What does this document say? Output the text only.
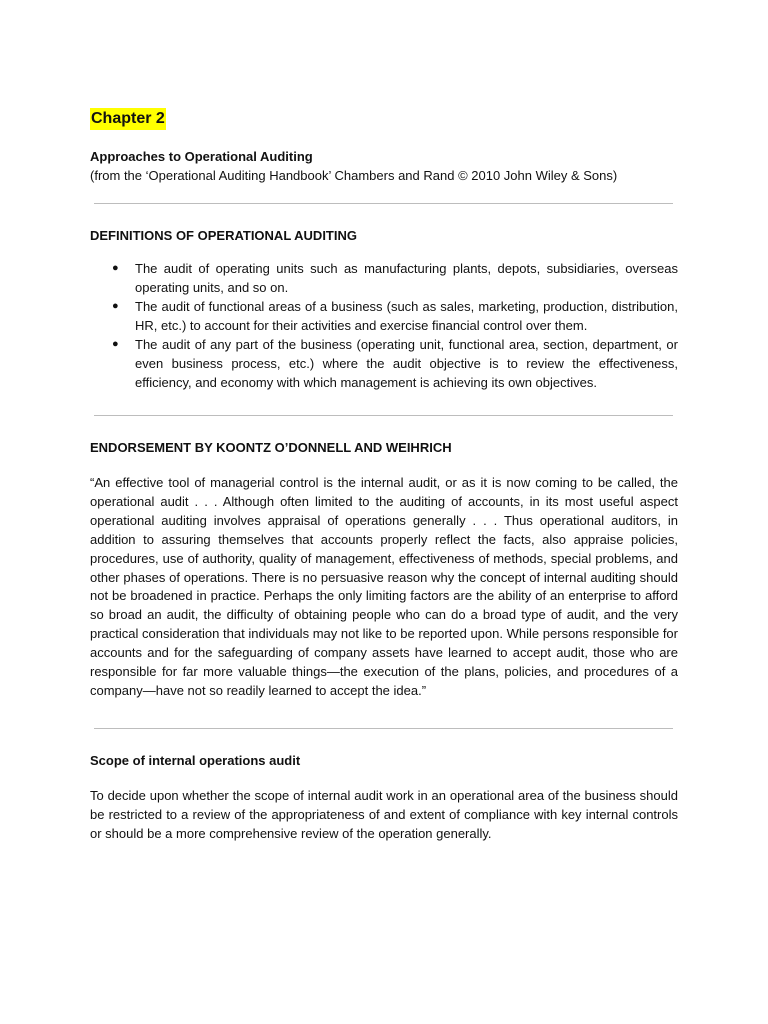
Chapter 2
Approaches to Operational Auditing
(from the ‘Operational Auditing Handbook’ Chambers and Rand © 2010 John Wiley & Sons)
DEFINITIONS OF OPERATIONAL AUDITING
● The audit of operating units such as manufacturing plants, depots, subsidiaries, overseas operating units, and so on.
● The audit of functional areas of a business (such as sales, marketing, production, distribution, HR, etc.) to account for their activities and exercise financial control over them.
● The audit of any part of the business (operating unit, functional area, section, department, or even business process, etc.) where the audit objective is to review the effectiveness, efficiency, and economy with which management is achieving its own objectives.
ENDORSEMENT BY KOONTZ O’DONNELL AND WEIHRICH
“An effective tool of managerial control is the internal audit, or as it is now coming to be called, the operational audit . . . Although often limited to the auditing of accounts, in its most useful aspect operational auditing involves appraisal of operations generally . . . Thus operational auditors, in addition to assuring themselves that accounts properly reflect the facts, also appraise policies, procedures, use of authority, quality of management, effectiveness of methods, special problems, and other phases of operations. There is no persuasive reason why the concept of internal auditing should not be broadened in practice. Perhaps the only limiting factors are the ability of an enterprise to afford so broad an audit, the difficulty of obtaining people who can do a broad type of audit, and the very practical consideration that individuals may not like to be reported upon. While persons responsible for accounts and for the safeguarding of company assets have learned to accept audit, those who are responsible for far more valuable things—the execution of the plans, policies, and procedures of a company—have not so readily learned to accept the idea.”
Scope of internal operations audit
To decide upon whether the scope of internal audit work in an operational area of the business should be restricted to a review of the appropriateness of and extent of compliance with key internal controls or should be a more comprehensive review of the operation generally.
